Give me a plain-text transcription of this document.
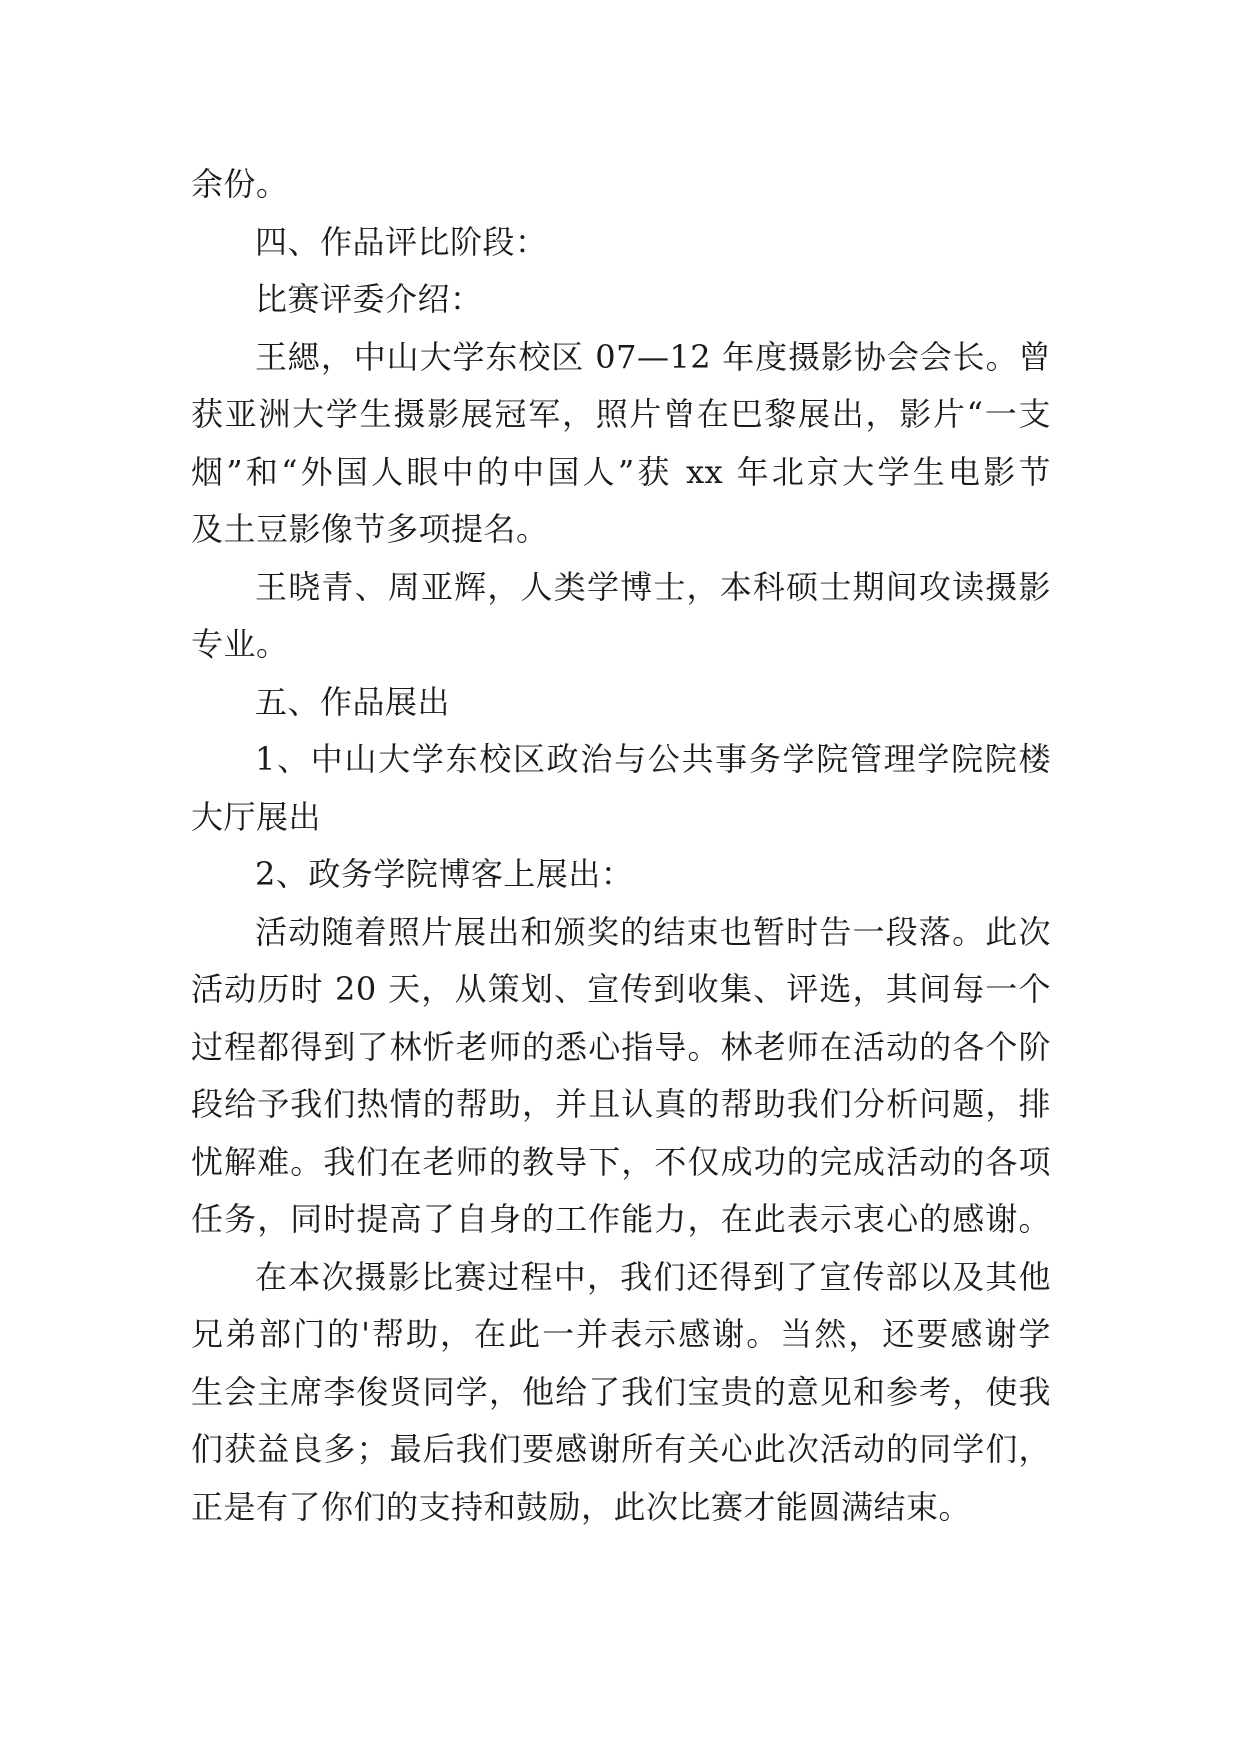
余份。
四、作品评比阶段：
比赛评委介绍：
王緦，中山大学东校区 07—12 年度摄影协会会长。曾
获亚洲大学生摄影展冠军，照片曾在巴黎展出，影片“一支
烟”和“外国人眼中的中国人”获 xx 年北京大学生电影节
及土豆影像节多项提名。
王晓青、周亚辉，人类学博士，本科硕士期间攻读摄影
专业。
五、作品展出
1、中山大学东校区政治与公共事务学院管理学院院楼
大厅展出
2、政务学院博客上展出：
活动随着照片展出和颁奖的结束也暂时告一段落。此次
活动历时 20 天，从策划、宣传到收集、评选，其间每一个
过程都得到了林忻老师的悉心指导。林老师在活动的各个阶
段给予我们热情的帮助，并且认真的帮助我们分析问题，排
忧解难。我们在老师的教导下，不仅成功的完成活动的各项
任务，同时提高了自身的工作能力，在此表示衷心的感谢。
在本次摄影比赛过程中，我们还得到了宣传部以及其他
兄弟部门的'帮助，在此一并表示感谢。当然，还要感谢学
生会主席李俊贤同学，他给了我们宝贵的意见和参考，使我
们获益良多；最后我们要感谢所有关心此次活动的同学们，
正是有了你们的支持和鼓励，此次比赛才能圆满结束。
